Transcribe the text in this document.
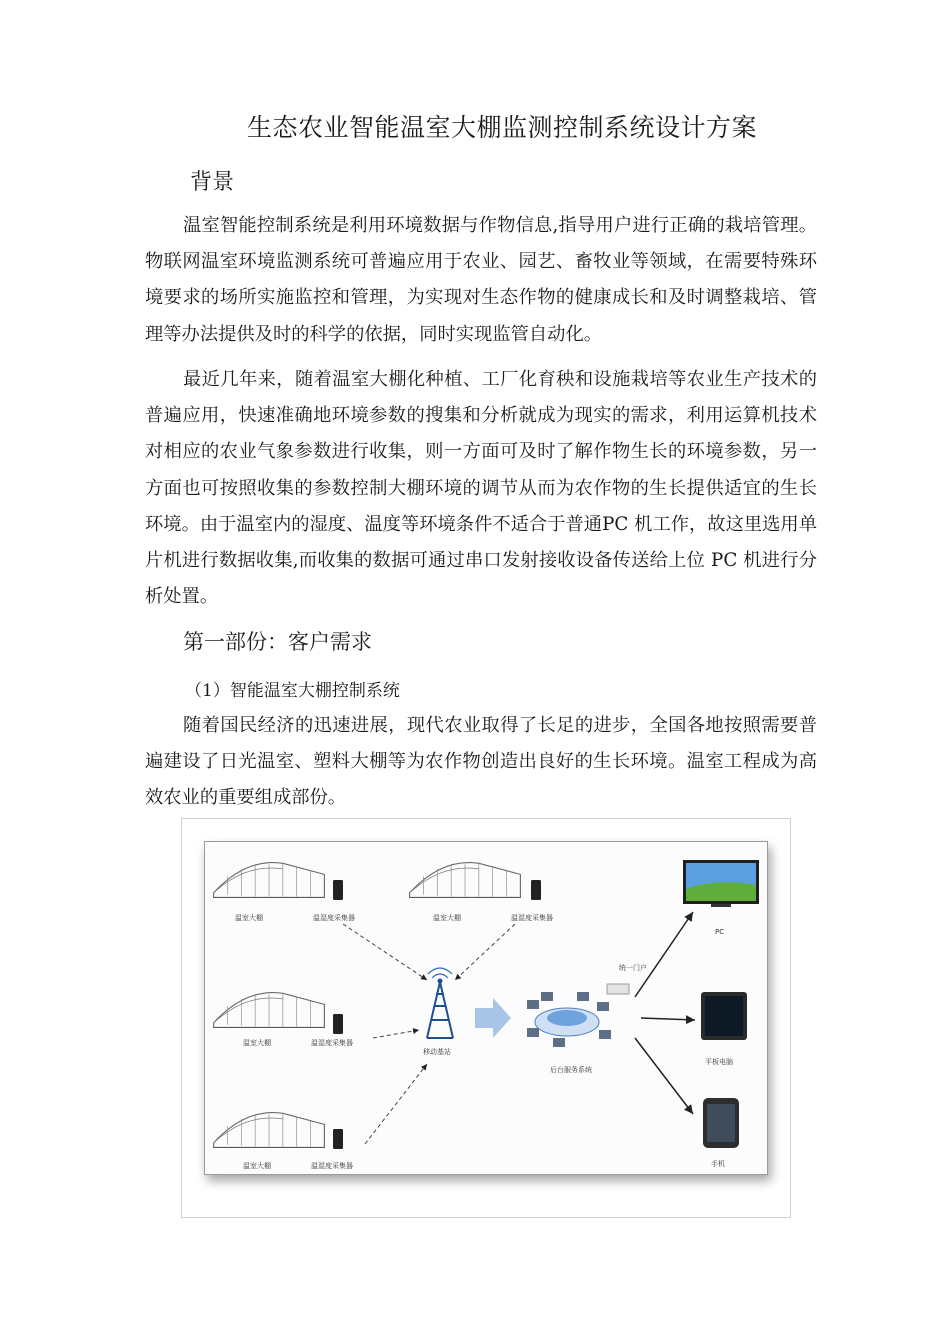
生态农业智能温室大棚监测控制系统设计方案
背景

温室智能控制系统是利用环境数据与作物信息,指导用户进行正确的栽培管理。物联网温室环境监测系统可普遍应用于农业、园艺、畜牧业等领域，在需要特殊环境要求的场所实施监控和管理，为实现对生态作物的健康成长和及时调整栽培、管理等办法提供及时的科学的依据，同时实现监管自动化。

最近几年来，随着温室大棚化种植、工厂化育秧和设施栽培等农业生产技术的普遍应用，快速准确地环境参数的搜集和分析就成为现实的需求，利用运算机技术对相应的农业气象参数进行收集，则一方面可及时了解作物生长的环境参数，另一方面也可按照收集的参数控制大棚环境的调节从而为农作物的生长提供适宜的生长环境。由于温室内的湿度、温度等环境条件不适合于普通PC 机工作，故这里选用单片机进行数据收集,而收集的数据可通过串口发射接收设备传送给上位 PC 机进行分析处置。

第一部份：客户需求
（1）智能温室大棚控制系统

随着国民经济的迅速进展，现代农业取得了长足的进步，全国各地按照需要普遍建设了日光温室、塑料大棚等为农作物创造出良好的生长环境。温室工程成为高效农业的重要组成部份。

温室大棚	温湿度采集器	温室大棚	温湿度采集器
温室大棚	温湿度采集器
温室大棚	温湿度采集器
移动基站
后台服务系统
统一门户
PC
平板电脑
手机
